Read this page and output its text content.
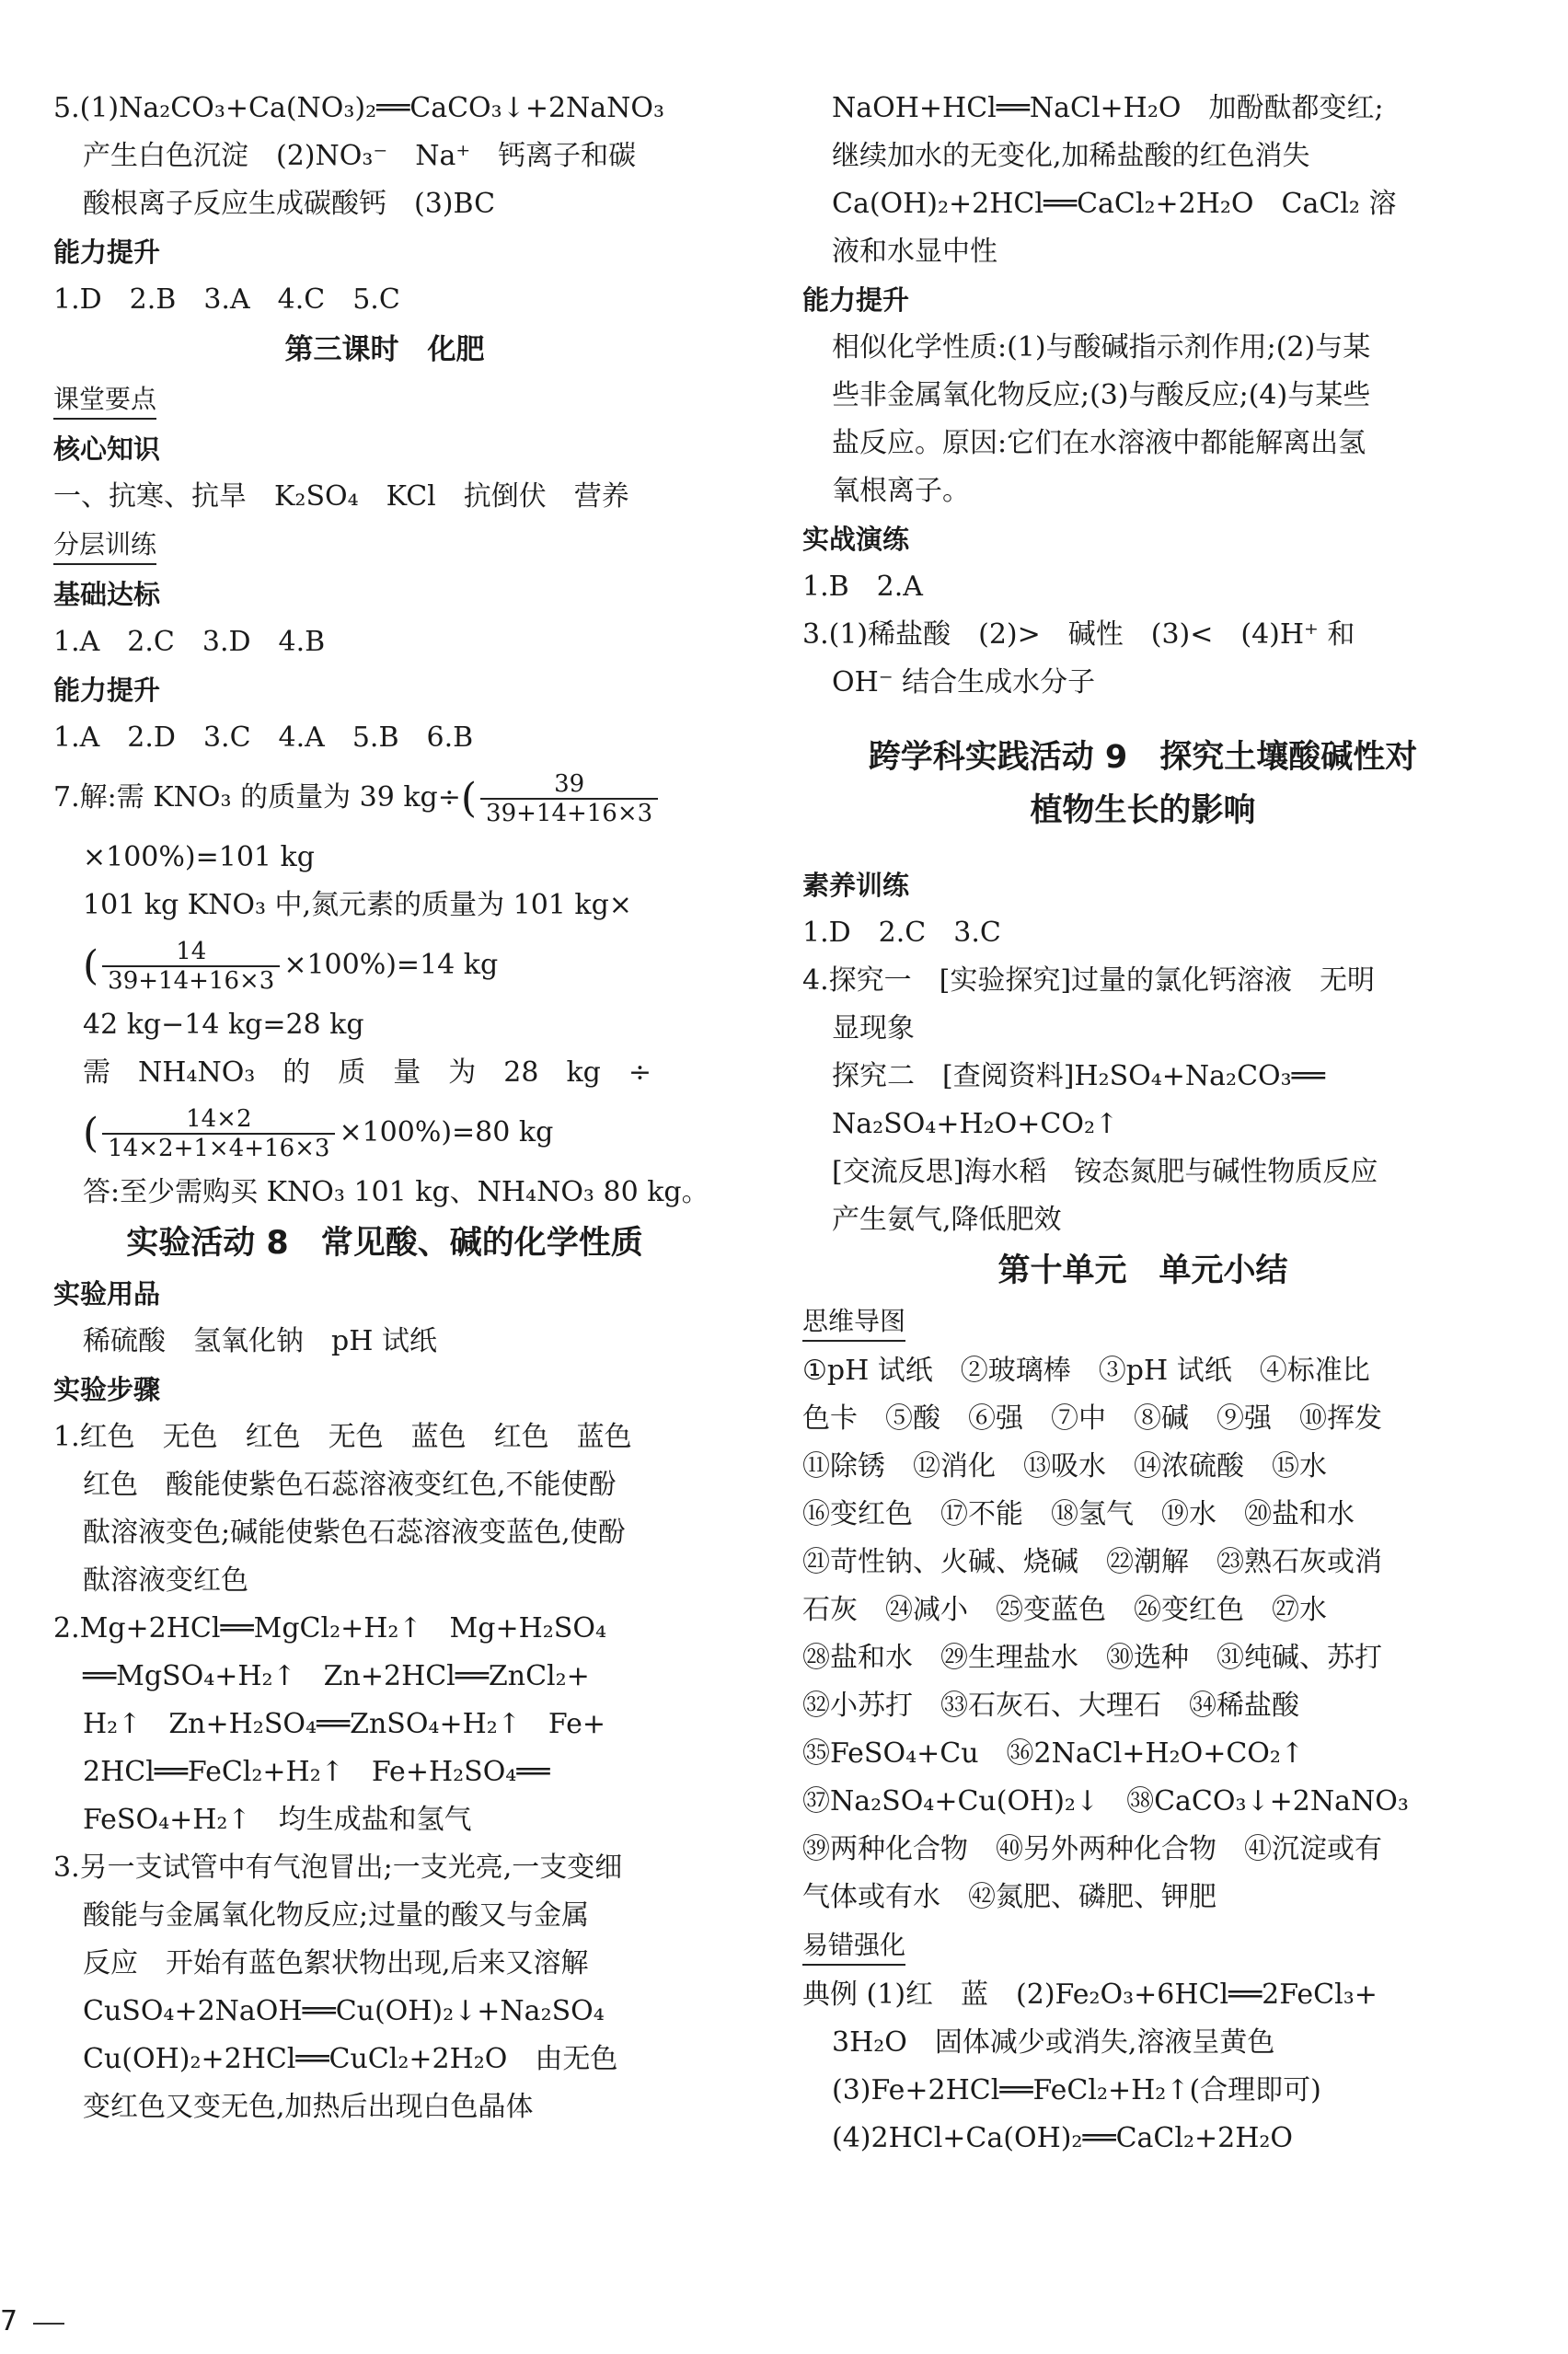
5.(1)Na₂CO₃+Ca(NO₃)₂══CaCO₃↓+2NaNO₃
产生白色沉淀　(2)NO₃⁻　Na⁺　钙离子和碳
酸根离子反应生成碳酸钙　(3)BC
能力提升
1.D　2.B　3.A　4.C　5.C
第三课时　化肥
课堂要点
核心知识
一、抗寒、抗旱　K₂SO₄　KCl　抗倒伏　营养
分层训练
基础达标
1.A　2.C　3.D　4.B
能力提升
1.A　2.D　3.C　4.A　5.B　6.B
7.解:需 KNO₃ 的质量为 39 $kg\div( \frac{39}{39+14+16\times 3}$
×100%)=101 kg
101 kg KNO₃ 中,氮元素的质量为 101 kg×
( $\frac{14}{39+14+16\times 3} \times 100\%)=14$ kg
42 kg−14 kg=28 kg
需　NH₄NO₃　的　质　量　为　28　kg　÷
( $\frac{14\times 2}{14\times 2+1\times 4+16\times 3} \times 100\%)=80$ kg
答:至少需购买 KNO₃ 101 kg、NH₄NO₃ 80 kg。
实验活动 8　常见酸、碱的化学性质
实验用品
稀硫酸　氢氧化钠　pH 试纸
实验步骤
1.红色　无色　红色　无色　蓝色　红色　蓝色
红色　酸能使紫色石蕊溶液变红色,不能使酚
酞溶液变色;碱能使紫色石蕊溶液变蓝色,使酚
酞溶液变红色
2.Mg+2HCl══MgCl₂+H₂↑　Mg+H₂SO₄
══MgSO₄+H₂↑　Zn+2HCl══ZnCl₂+
H₂↑　Zn+H₂SO₄══ZnSO₄+H₂↑　Fe+
2HCl══FeCl₂+H₂↑　Fe+H₂SO₄══
FeSO₄+H₂↑　均生成盐和氢气
3.另一支试管中有气泡冒出;一支光亮,一支变细
酸能与金属氧化物反应;过量的酸又与金属
反应　开始有蓝色絮状物出现,后来又溶解
CuSO₄+2NaOH══Cu(OH)₂↓+Na₂SO₄
Cu(OH)₂+2HCl══CuCl₂+2H₂O　由无色
变红色又变无色,加热后出现白色晶体
NaOH+HCl══NaCl+H₂O　加酚酞都变红;
继续加水的无变化,加稀盐酸的红色消失
Ca(OH)₂+2HCl══CaCl₂+2H₂O　CaCl₂ 溶
液和水显中性
能力提升
相似化学性质:(1)与酸碱指示剂作用;(2)与某
些非金属氧化物反应;(3)与酸反应;(4)与某些
盐反应。原因:它们在水溶液中都能解离出氢
氧根离子。
实战演练
1.B　2.A
3.(1)稀盐酸　(2)>　碱性　(3)<　(4)H⁺ 和
OH⁻ 结合生成水分子
跨学科实践活动 9　探究土壤酸碱性对
植物生长的影响
素养训练
1.D　2.C　3.C
4.探究一　[实验探究]过量的氯化钙溶液　无明
显现象
探究二　[查阅资料]H₂SO₄+Na₂CO₃══
Na₂SO₄+H₂O+CO₂↑
[交流反思]海水稻　铵态氮肥与碱性物质反应
产生氨气,降低肥效
第十单元　单元小结
思维导图
①pH 试纸　②玻璃棒　③pH 试纸　④标准比
色卡　⑤酸　⑥强　⑦中　⑧碱　⑨强　⑩挥发
⑪除锈　⑫消化　⑬吸水　⑭浓硫酸　⑮水
⑯变红色　⑰不能　⑱氢气　⑲水　⑳盐和水
㉑苛性钠、火碱、烧碱　㉒潮解　㉓熟石灰或消
石灰　㉔减小　㉕变蓝色　㉖变红色　㉗水
㉘盐和水　㉙生理盐水　㉚选种　㉛纯碱、苏打
㉜小苏打　㉝石灰石、大理石　㉞稀盐酸
㉟FeSO₄+Cu　㊱2NaCl+H₂O+CO₂↑
㊲Na₂SO₄+Cu(OH)₂↓　㊳CaCO₃↓+2NaNO₃
㊴两种化合物　㊵另外两种化合物　㊶沉淀或有
气体或有水　㊷氮肥、磷肥、钾肥
易错强化
典例 (1)红　蓝　(2)Fe₂O₃+6HCl══2FeCl₃+
3H₂O　固体减少或消失,溶液呈黄色
(3)Fe+2HCl══FeCl₂+H₂↑(合理即可)
(4)2HCl+Ca(OH)₂══CaCl₂+2H₂O
7
